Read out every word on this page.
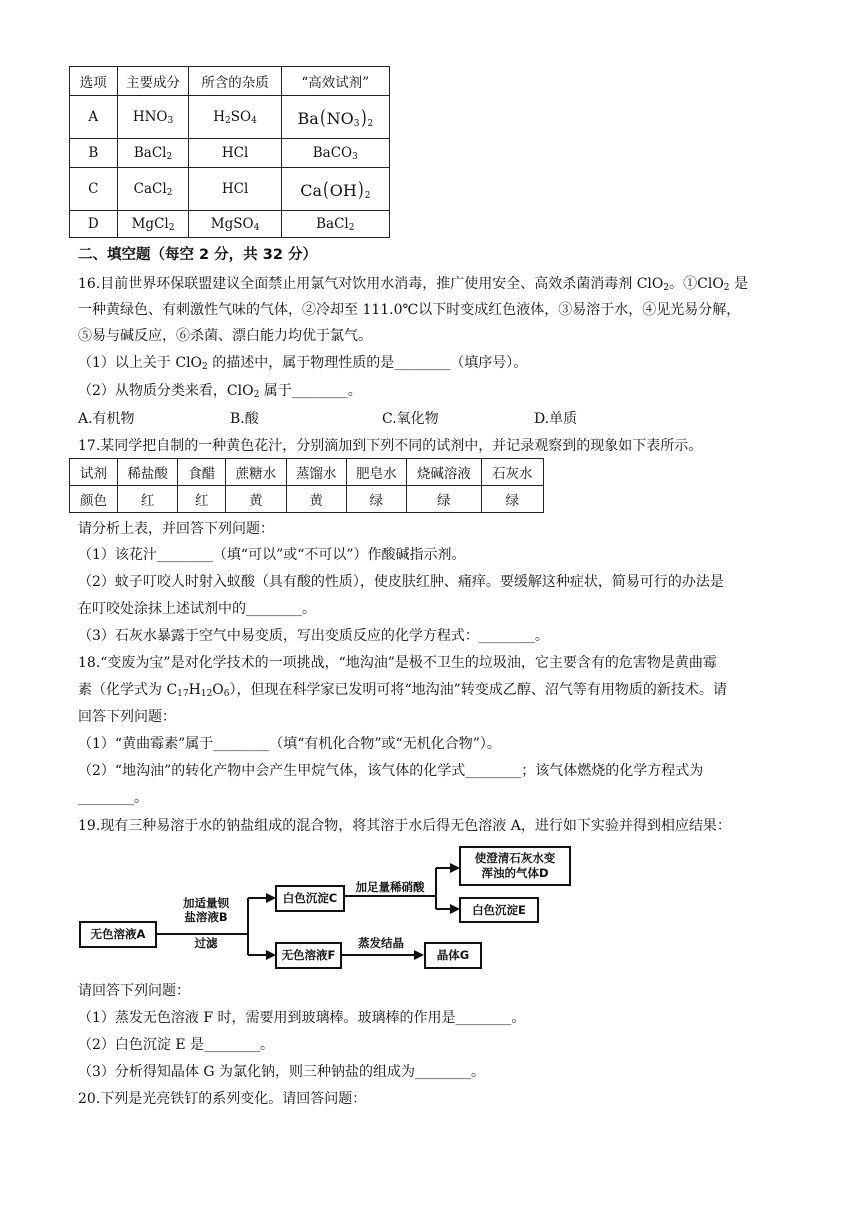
选项	主要成分	所含的杂质	“高效试剂”
A	$HNO_3$	$H_2SO_4$	$Ba(NO_3)_2$
B	BaCl$_2$	HCl	BaCO$_3$
C	CaCl$_2$	HCl	$Ca(OH)_2$
D	MgCl$_2$	MgSO$_4$	BaCl$_2$
二、填空题（每空 2 分，共 32 分）
16.目前世界环保联盟建议全面禁止用氯气对饮用水消毒，推广使用安全、高效杀菌消毒剂 ClO$_2$。①ClO$_2$ 是
一种黄绿色、有刺激性气味的气体，②冷却至 111.0℃以下时变成红色液体，③易溶于水，④见光易分解，
⑤易与碱反应，⑥杀菌、漂白能力均优于氯气。
（1）以上关于 ClO$_2$ 的描述中，属于物理性质的是________（填序号）。
（2）从物质分类来看，ClO$_2$ 属于________。
A.有机物	B.酸	C.氧化物	D.单质
17.某同学把自制的一种黄色花汁，分别滴加到下列不同的试剂中，并记录观察到的现象如下表所示。
试剂	稀盐酸	食醋	蔗糖水	蒸馏水	肥皂水	烧碱溶液	石灰水
颜色	红	红	黄	黄	绿	绿	绿
请分析上表，并回答下列问题：
（1）该花汁________（填“可以”或“不可以”）作酸碱指示剂。
（2）蚊子叮咬人时射入蚁酸（具有酸的性质），使皮肤红肿、痛痒。要缓解这种症状，简易可行的办法是
在叮咬处涂抹上述试剂中的________。
（3）石灰水暴露于空气中易变质，写出变质反应的化学方程式：________。
18.“变废为宝”是对化学技术的一项挑战，“地沟油”是极不卫生的垃圾油，它主要含有的危害物是黄曲霉
素（化学式为 $C_{17}H_{12}O_6$），但现在科学家已发明可将“地沟油”转变成乙醇、沼气等有用物质的新技术。请
回答下列问题：
（1）“黄曲霉素”属于________（填“有机化合物”或“无机化合物”）。
（2）“地沟油”的转化产物中会产生甲烷气体，该气体的化学式________；该气体燃烧的化学方程式为
________。
19.现有三种易溶于水的钠盐组成的混合物，将其溶于水后得无色溶液 A，进行如下实验并得到相应结果：
无色溶液A
加适量钡
盐溶液B
过滤
白色沉淀C
加足量稀硝酸
使澄清石灰水变
浑浊的气体D
白色沉淀E
无色溶液F
蒸发结晶
晶体G
请回答下列问题：
（1）蒸发无色溶液 F 时，需要用到玻璃棒。玻璃棒的作用是________。
（2）白色沉淀 E 是________。
（3）分析得知晶体 G 为氯化钠，则三种钠盐的组成为________。
20.下列是光亮铁钉的系列变化。请回答问题：
